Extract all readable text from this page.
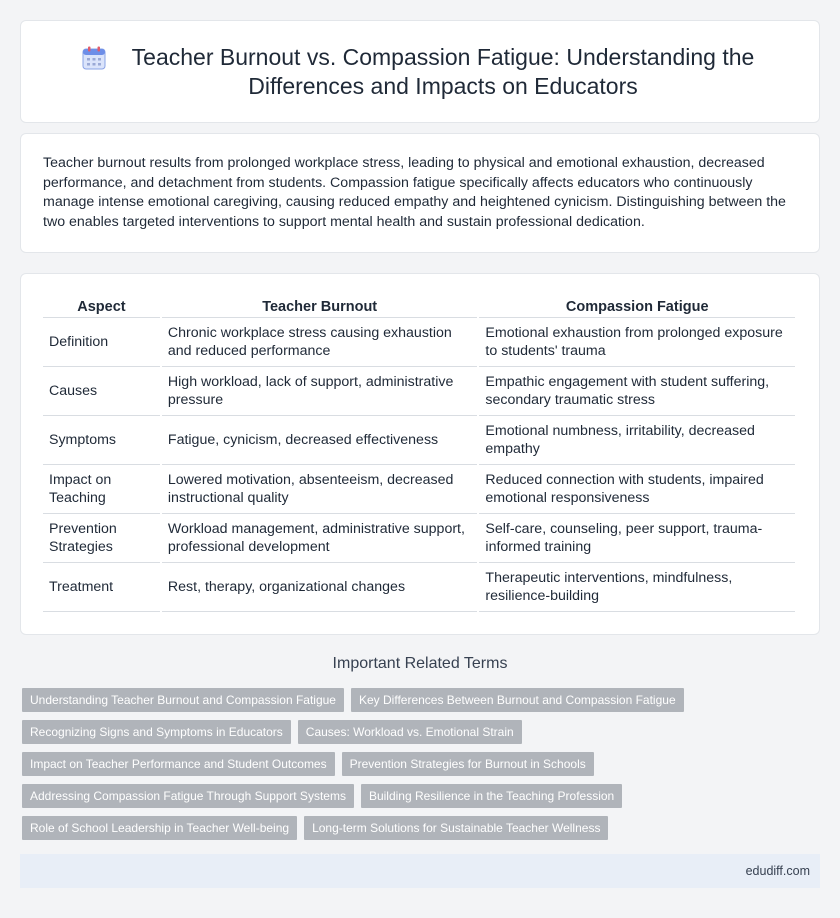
Teacher Burnout vs. Compassion Fatigue: Understanding the Differences and Impacts on Educators

Teacher burnout results from prolonged workplace stress, leading to physical and emotional exhaustion, decreased performance, and detachment from students. Compassion fatigue specifically affects educators who continuously manage intense emotional caregiving, causing reduced empathy and heightened cynicism. Distinguishing between the two enables targeted interventions to support mental health and sustain professional dedication.

Aspect	Teacher Burnout	Compassion Fatigue
Definition	Chronic workplace stress causing exhaustion and reduced performance	Emotional exhaustion from prolonged exposure to students' trauma
Causes	High workload, lack of support, administrative pressure	Empathic engagement with student suffering, secondary traumatic stress
Symptoms	Fatigue, cynicism, decreased effectiveness	Emotional numbness, irritability, decreased empathy
Impact on Teaching	Lowered motivation, absenteeism, decreased instructional quality	Reduced connection with students, impaired emotional responsiveness
Prevention Strategies	Workload management, administrative support, professional development	Self-care, counseling, peer support, trauma-informed training
Treatment	Rest, therapy, organizational changes	Therapeutic interventions, mindfulness, resilience-building
Important Related Terms
Understanding Teacher Burnout and Compassion Fatigue	Key Differences Between Burnout and Compassion Fatigue
Recognizing Signs and Symptoms in Educators	Causes: Workload vs. Emotional Strain
Impact on Teacher Performance and Student Outcomes	Prevention Strategies for Burnout in Schools
Addressing Compassion Fatigue Through Support Systems	Building Resilience in the Teaching Profession
Role of School Leadership in Teacher Well-being	Long-term Solutions for Sustainable Teacher Wellness
edudiff.com
